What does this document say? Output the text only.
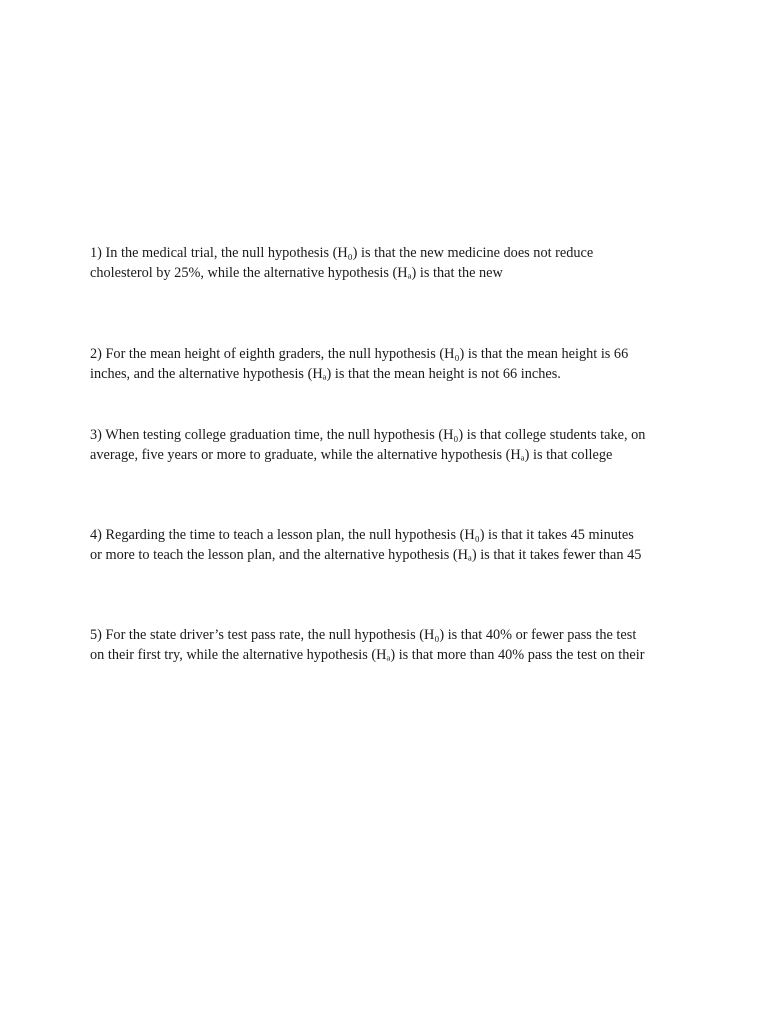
1) In the medical trial, the null hypothesis (H₀) is that the new medicine does not reduce
cholesterol by 25%, while the alternative hypothesis (Hₐ) is that the new

2) For the mean height of eighth graders, the null hypothesis (H₀) is that the mean height is 66
inches, and the alternative hypothesis (Hₐ) is that the mean height is not 66 inches.

3) When testing college graduation time, the null hypothesis (H₀) is that college students take, on
average, five years or more to graduate, while the alternative hypothesis (Hₐ) is that college

4) Regarding the time to teach a lesson plan, the null hypothesis (H₀) is that it takes 45 minutes
or more to teach the lesson plan, and the alternative hypothesis (Hₐ) is that it takes fewer than 45

5) For the state driver’s test pass rate, the null hypothesis (H₀) is that 40% or fewer pass the test
on their first try, while the alternative hypothesis (Hₐ) is that more than 40% pass the test on their
